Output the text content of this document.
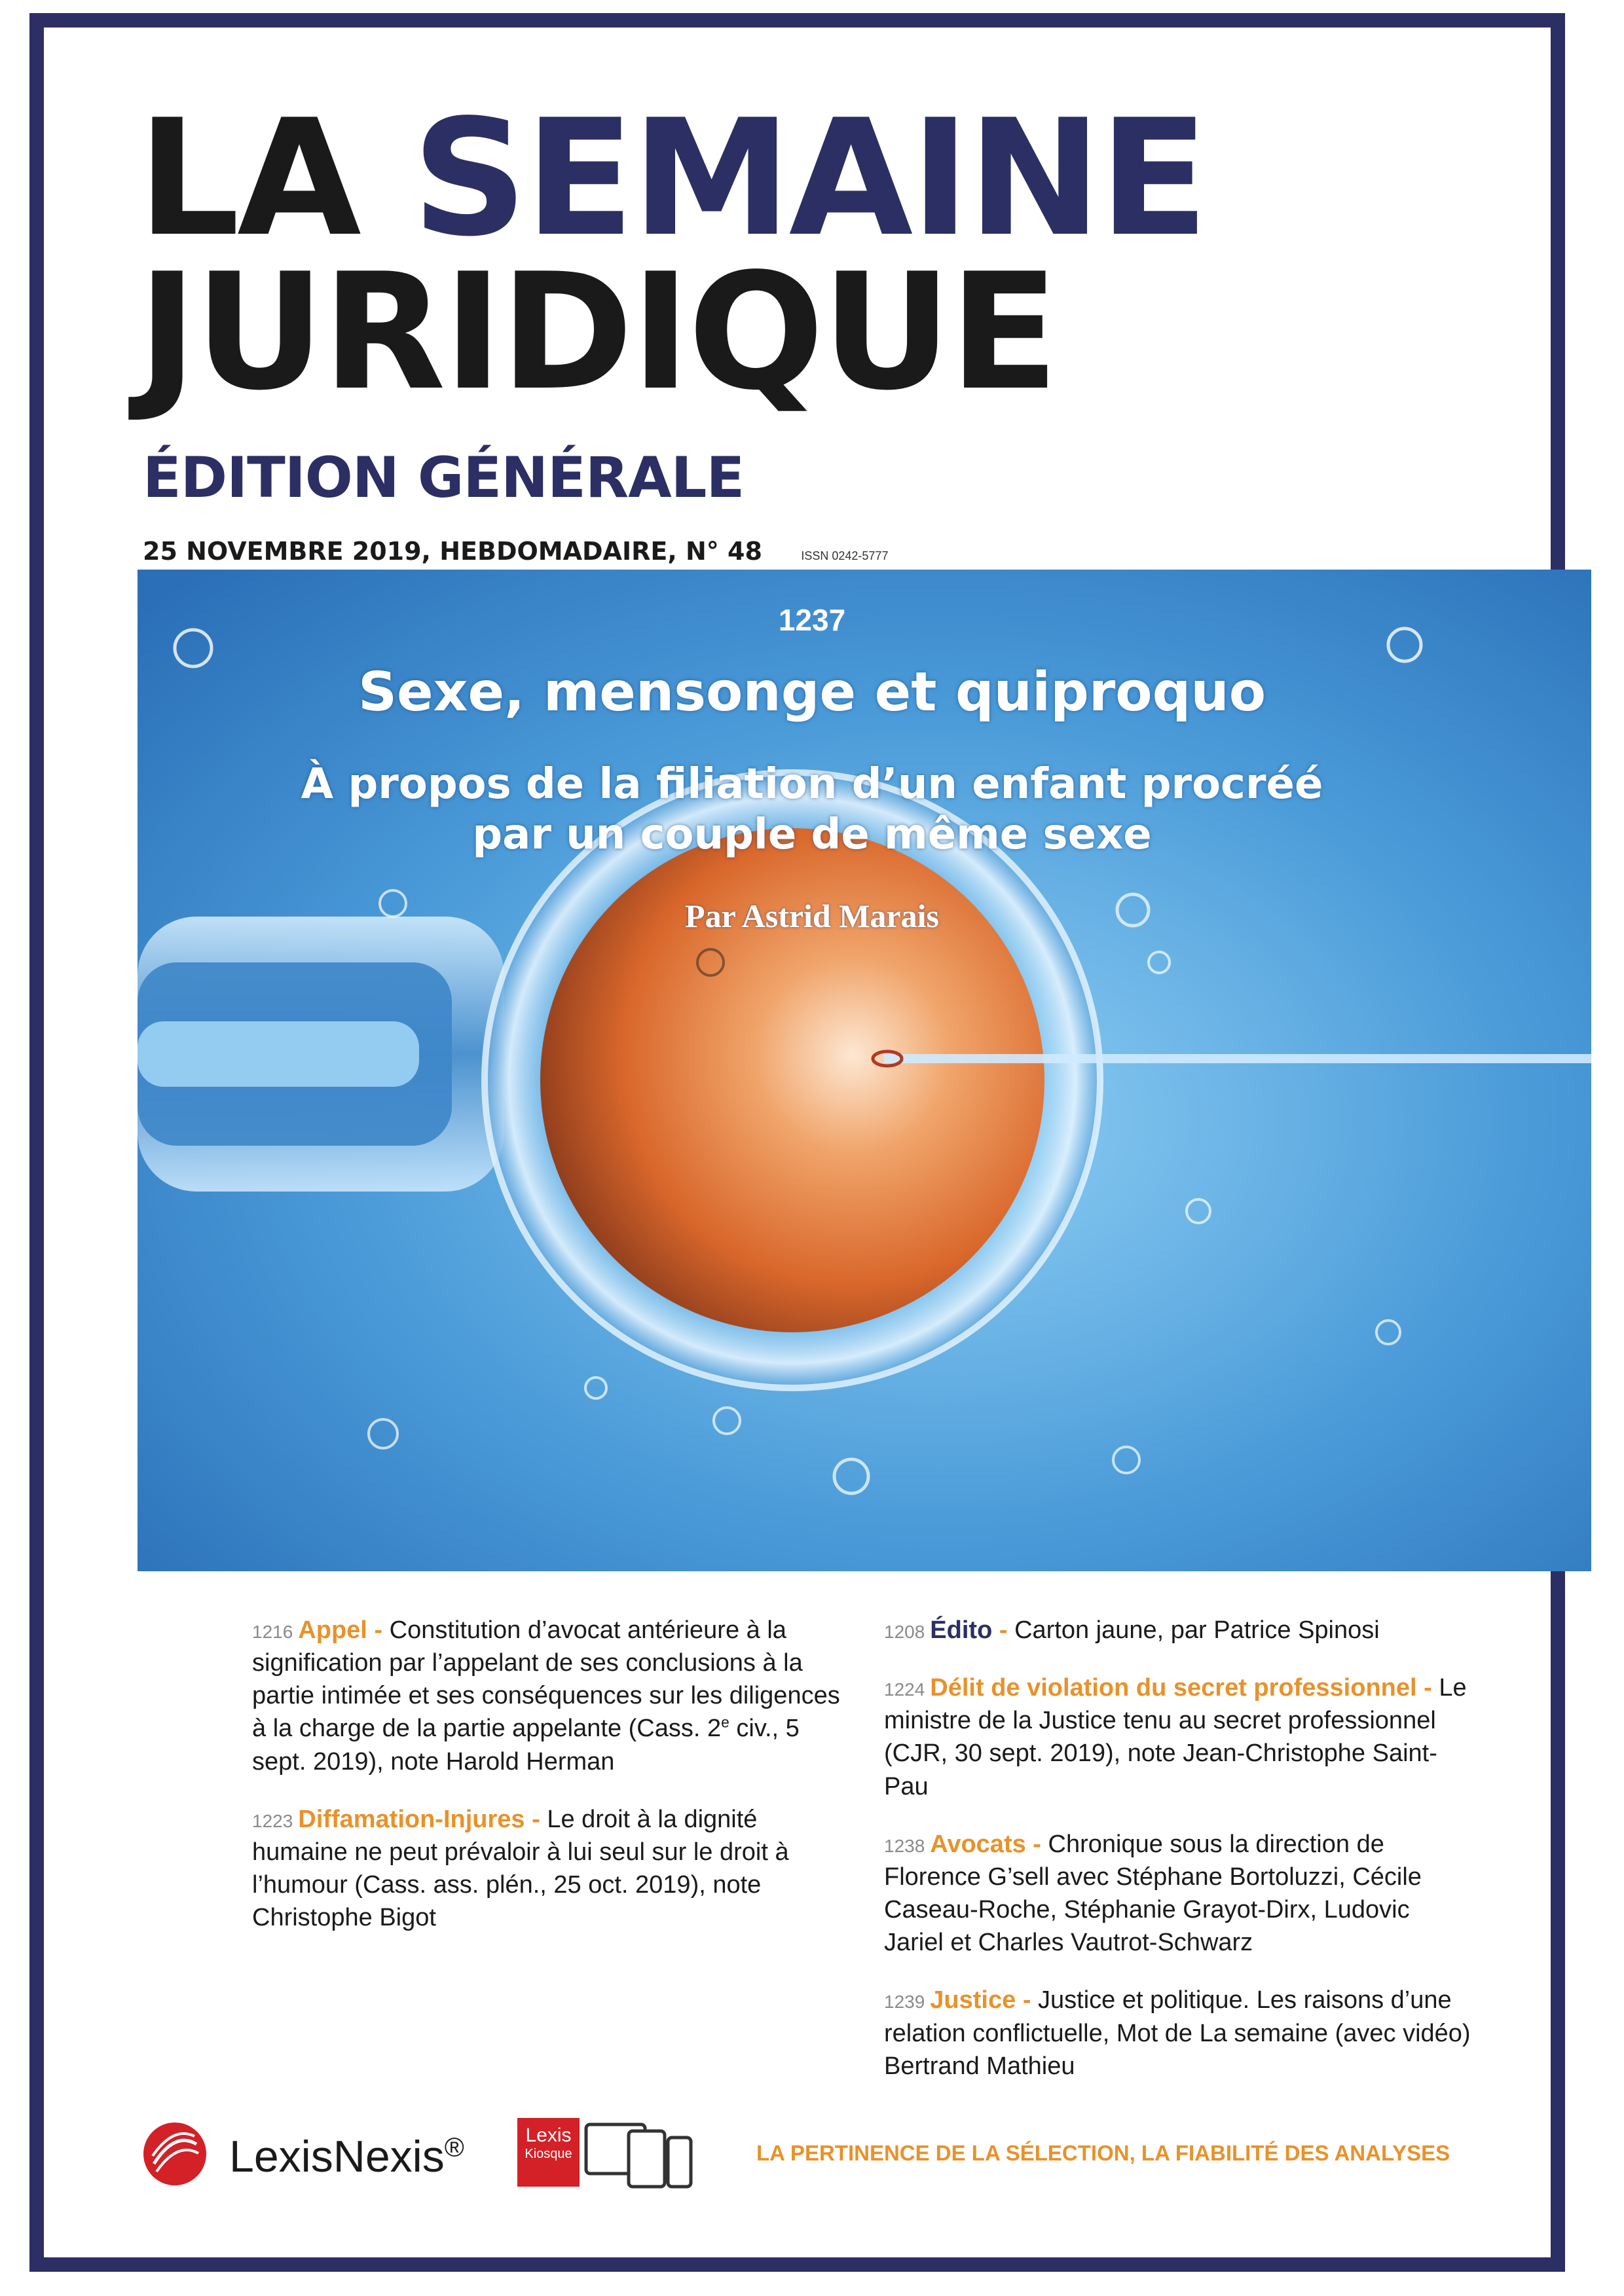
LA SEMAINE
JURIDIQUE
ÉDITION GÉNÉRALE
25 NOVEMBRE 2019, HEBDOMADAIRE, N° 48	ISSN 0242-5777
1237
Sexe, mensonge et quiproquo
À propos de la filiation d’un enfant procréé
par un couple de même sexe
Par Astrid Marais

1216 Appel - Constitution d’avocat antérieure à la signification par l’appelant de ses conclusions à la partie intimée et ses conséquences sur les diligences à la charge de la partie appelante (Cass. 2e civ., 5 sept. 2019), note Harold Herman

1223 Diffamation-Injures - Le droit à la dignité humaine ne peut prévaloir à lui seul sur le droit à l’humour (Cass. ass. plén., 25 oct. 2019), note Christophe Bigot

1208 Édito - Carton jaune, par Patrice Spinosi

1224 Délit de violation du secret professionnel - Le ministre de la Justice tenu au secret professionnel (CJR, 30 sept. 2019), note Jean-Christophe Saint-Pau

1238 Avocats - Chronique sous la direction de Florence G’sell avec Stéphane Bortoluzzi, Cécile Caseau-Roche, Stéphanie Grayot-Dirx, Ludovic Jariel et Charles Vautrot-Schwarz

1239 Justice - Justice et politique. Les raisons d’une relation conflictuelle, Mot de La semaine (avec vidéo) Bertrand Mathieu

LexisNexis®	Lexis
Kiosque	LA PERTINENCE DE LA SÉLECTION, LA FIABILITÉ DES ANALYSES
